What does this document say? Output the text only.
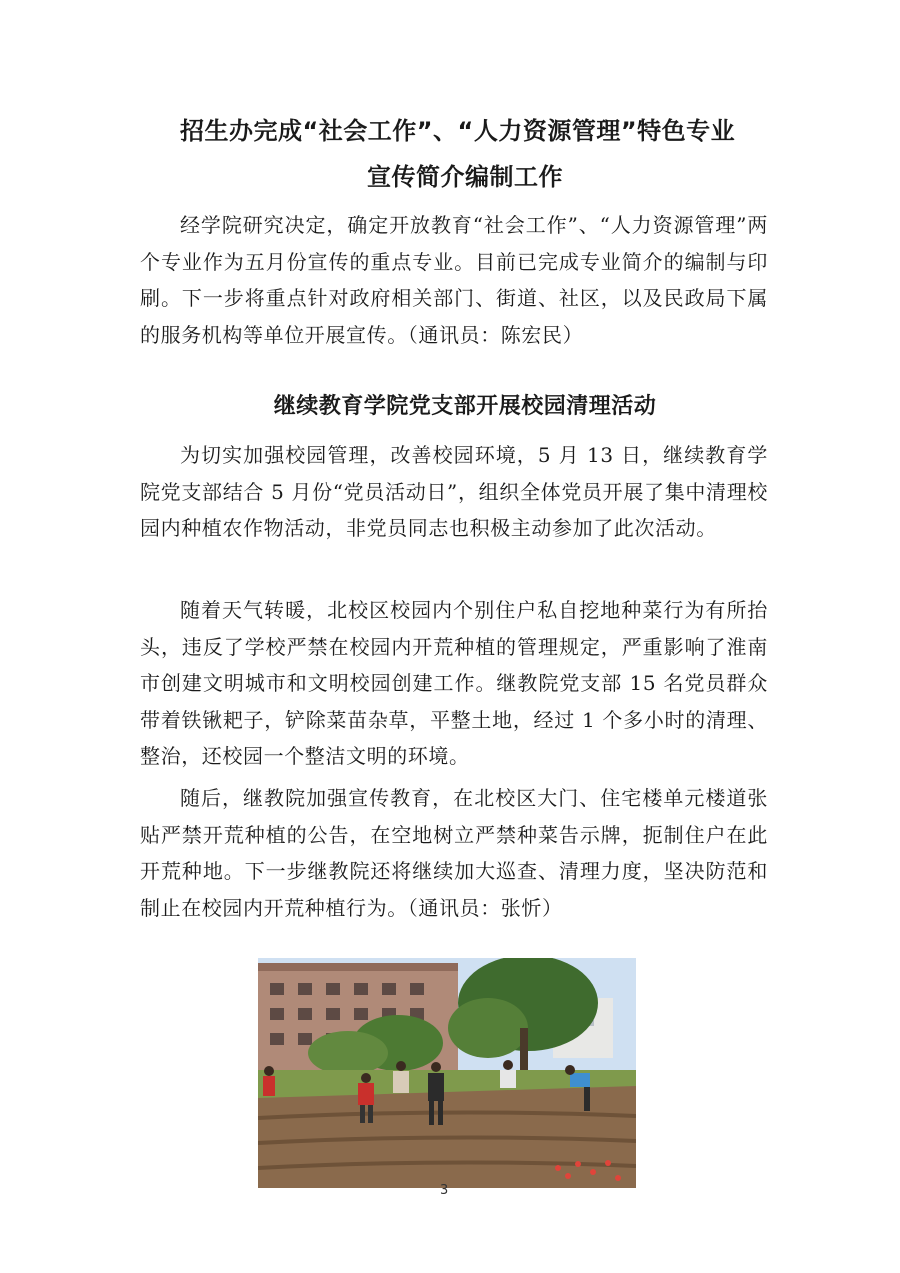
招生办完成“社会工作”、“人力资源管理”特色专业
宣传简介编制工作

经学院研究决定，确定开放教育“社会工作”、“人力资源管理”两个专业作为五月份宣传的重点专业。目前已完成专业简介的编制与印刷。下一步将重点针对政府相关部门、街道、社区，以及民政局下属的服务机构等单位开展宣传。（通讯员：陈宏民）

继续教育学院党支部开展校园清理活动

为切实加强校园管理，改善校园环境，5 月 13 日，继续教育学院党支部结合 5 月份“党员活动日”，组织全体党员开展了集中清理校园内种植农作物活动，非党员同志也积极主动参加了此次活动。

随着天气转暖，北校区校园内个别住户私自挖地种菜行为有所抬头，违反了学校严禁在校园内开荒种植的管理规定，严重影响了淮南市创建文明城市和文明校园创建工作。继教院党支部 15 名党员群众带着铁锹耙子，铲除菜苗杂草，平整土地，经过 1 个多小时的清理、整治，还校园一个整洁文明的环境。

随后，继教院加强宣传教育，在北校区大门、住宅楼单元楼道张贴严禁开荒种植的公告，在空地树立严禁种菜告示牌，扼制住户在此开荒种地。下一步继教院还将继续加大巡查、清理力度，坚决防范和制止在校园内开荒种植行为。（通讯员：张忻）

3
